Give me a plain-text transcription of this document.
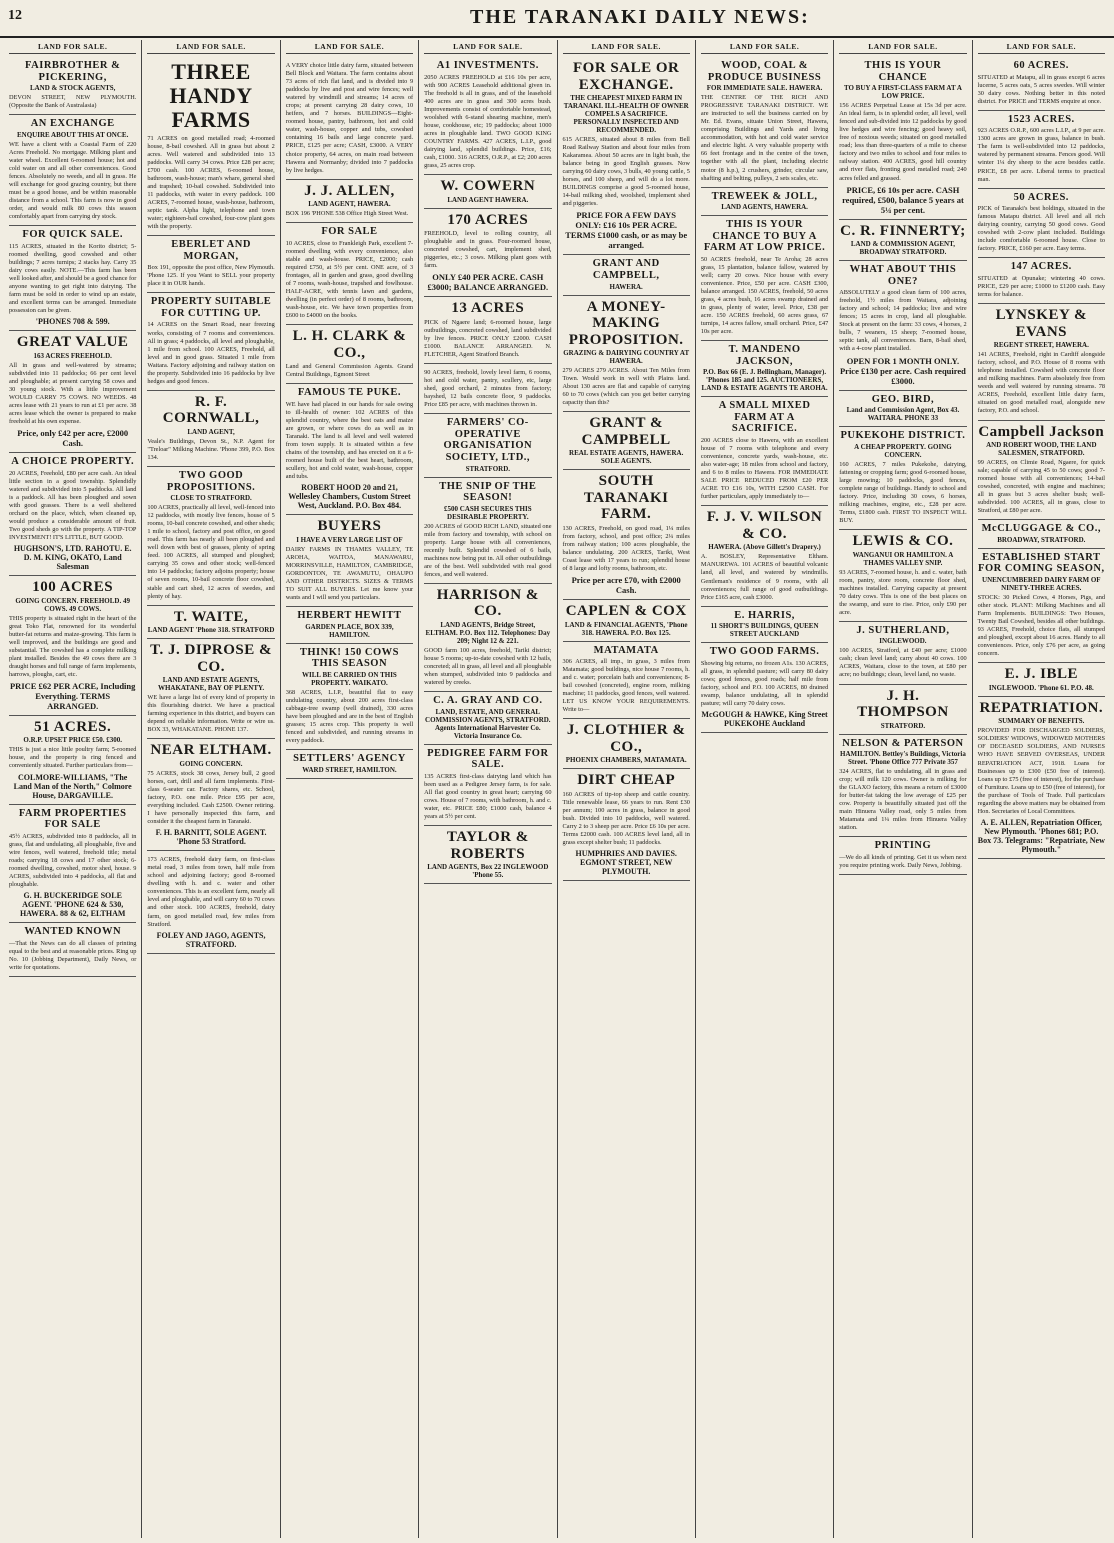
12	THE TARANAKI DAILY NEWS:
LAND FOR SALE.
FAIRBROTHER & PICKERING,
LAND & STOCK AGENTS,
DEVON STREET, NEW PLYMOUTH. (Opposite the Bank of Australasia)
AN EXCHANGE
ENQUIRE ABOUT THIS AT ONCE.
WE have a client with a Coastal Farm of 220 Acres Freehold. No mortgage. Milking plant and water wheel. Excellent 6-roomed house; hot and cold water on and all other conveniences. Good fences. Absolutely no weeds, and all in grass. He will exchange for good grazing country, but there must be a good house, and be within reasonable distance from a school. This farm is now in good order, and would milk 80 cows this season comfortably apart from carrying dry stock.
FOR QUICK SALE.
115 ACRES, situated in the Korito district; 5-roomed dwelling, good cowshed and other buildings; 7 acres turnips; 2 stacks hay. Carry 35 dairy cows easily. NOTE.—This farm has been well looked after, and should be a good chance for anyone wanting to get right into dairying. The farm must be sold in order to wind up an estate, and excellent terms can be arranged. Immediate possession can be given.
'PHONES 708 & 599.
GREAT VALUE
163 ACRES FREEHOLD.
All in grass and well-watered by streams; subdivided into 11 paddocks; 66 per cent level and ploughable; at present carrying 58 cows and 30 young stock. With a little improvement WOULD CARRY 75 COWS. NO WEEDS. 48 acres lease with 21 years to run at £1 per acre. 38 acres lease which the owner is prepared to make freehold at his own expense.
Price, only £42 per acre, £2000 Cash.
A CHOICE PROPERTY.
20 ACRES, Freehold, £80 per acre cash. An ideal little section in a good township. Splendidly watered and subdivided into 5 paddocks. All land is a paddock. All has been ploughed and sown with good grasses. There is a well sheltered orchard on the place, which, when cleaned up, would produce a considerable amount of fruit. Two good sheds go with the property. A TIP-TOP INVESTMENT! IT'S LITTLE, BUT GOOD.
HUGHSON'S, LTD. RAHOTU. E. D. M. KING, OKATO, Land Salesman
100 ACRES
GOING CONCERN. FREEHOLD. 49 COWS. 49 COWS.
THIS property is situated right in the heart of the great Toko Flat, renowned for its wonderful butter-fat returns and maize-growing. This farm is well improved, and the buildings are good and substantial. The cowshed has a complete milking plant installed. Besides the 49 cows there are 3 draught horses and full range of farm implements, harrows, ploughs, cart, etc.
PRICE £62 PER ACRE, Including Everything. TERMS ARRANGED.
51 ACRES.
O.R.P. UPSET PRICE £50. £300.
THIS is just a nice little poultry farm; 5-roomed house, and the property is ring fenced and conveniently situated. Further particulars from—
COLMORE-WILLIAMS, "The Land Man of the North," Colmore House, DARGAVILLE.
FARM PROPERTIES FOR SALE
45½ ACRES, subdivided into 8 paddocks, all in grass, flat and undulating, all ploughable, five and wire fences, well watered, freehold title; metal roads; carrying 18 cows and 17 other stock; 6-roomed dwelling, cowshed, motor shed, house. 9 ACRES, subdivided into 4 paddocks, all flat and ploughable.
G. H. BUCKERIDGE SOLE AGENT. 'PHONE 624 & 530, HAWERA. 88 & 62, ELTHAM
WANTED KNOWN
—That the News can do all classes of printing equal to the best and at reasonable prices. Ring up No. 10 (Jobbing Department), Daily News, or write for quotations.
LAND FOR SALE.
THREE HANDY FARMS
71 ACRES on good metalled road; 4-roomed house, 8-bail cowshed. All in grass but about 2 acres. Well watered and subdivided into 13 paddocks. Will carry 34 cows. Price £28 per acre; £700 cash. 100 ACRES, 6-roomed house, bathroom, wash-house; man's whare, general shed and trapshed; 10-bail cowshed. Subdivided into 11 paddocks, with water in every paddock. 100 ACRES, 7-roomed house, wash-house, bathroom, septic tank. Alpha light, telephone and town water; eighteen-bail cowshed, four-cow plant goes with the property.
EBERLET AND MORGAN,
Box 191, opposite the post office, New Plymouth. 'Phone 125. If you Want to SELL your property place it in OUR hands.
PROPERTY SUITABLE FOR CUTTING UP.
14 ACRES on the Smart Road, near freezing works, consisting of 7 rooms and conveniences. All in grass; 4 paddocks, all level and ploughable, 1 mile from school. 100 ACRES, Freehold, all level and in good grass. Situated 1 mile from Waitara. Factory adjoining and railway station on the property. Subdivided into 16 paddocks by live hedges and good fences.
R. F. CORNWALL,
LAND AGENT,
Veale's Buildings, Devon St., N.P. Agent for "Treloar" Milking Machine. 'Phone 399, P.O. Box 134.
TWO GOOD PROPOSITIONS.
CLOSE TO STRATFORD.
100 ACRES, practically all level, well-fenced into 12 paddocks, with mostly live fences, house of 5 rooms, 10-bail concrete cowshed, and other sheds; 1 mile to school, factory and post office, on good road. This farm has nearly all been ploughed and well down with best of grasses, plenty of spring feed. 100 ACRES, all stumped and ploughed; carrying 35 cows and other stock; well-fenced into 14 paddocks; factory adjoins property; house of seven rooms, 10-bail concrete floor cowshed, stable and cart shed, 12 acres of swedes, and plenty of hay.
T. WAITE,
LAND AGENT 'Phone 318. STRATFORD
T. J. DIPROSE & CO.
LAND AND ESTATE AGENTS, WHAKATANE, BAY OF PLENTY.
WE have a large list of every kind of property in this flourishing district. We have a practical farming experience in this district, and buyers can depend on reliable information. Write or wire us. BOX 33, WHAKATANE. PHONE 137.
NEAR ELTHAM.
GOING CONCERN.
75 ACRES, stock 38 cows, Jersey bull, 2 good horses, cart, drill and all farm implements. First-class 6-seater car. Factory shares, etc. School, factory, P.O. one mile. Price £95 per acre, everything included. Cash £2500. Owner retiring. I have personally inspected this farm, and consider it the cheapest farm in Taranaki.
F. H. BARNITT, SOLE AGENT. 'Phone 53 Stratford.
173 ACRES, freehold dairy farm, on first-class metal road, 3 miles from town, half mile from school and adjoining factory; good 8-roomed dwelling with h. and c. water and other conveniences. This is an excellent farm, nearly all level and ploughable, and will carry 60 to 70 cows and other stock. 100 ACRES, freehold, dairy farm, on good metalled road, few miles from Stratford.
FOLEY AND JAGO, AGENTS, STRATFORD.
LAND FOR SALE.
A VERY choice little dairy farm, situated between Bell Block and Waitara. The farm contains about 73 acres of rich flat land, and is divided into 9 paddocks by live and post and wire fences; well watered by windmill and streams; 14 acres of crops; at present carrying 28 dairy cows, 10 heifers, and 7 horses. BUILDINGS—Eight-roomed house, pantry, bathroom, hot and cold water, wash-house, copper and tubs, cowshed containing 16 bails and large concrete yard. PRICE, £125 per acre; CASH, £3000. A VERY choice property, 64 acres, on main road between Hawera and Normanby; divided into 7 paddocks by live hedges.
J. J. ALLEN,
LAND AGENT, HAWERA.
BOX 196 'PHONE 538 Office High Street West.
FOR SALE
10 ACRES, close to Frankleigh Park, excellent 7-roomed dwelling with every convenience, also stable and wash-house. PRICE, £2000; cash required £750, at 5½ per cent. ONE acre, of 3 frontages, all in garden and grass, good dwelling of 7 rooms, wash-house, trapshed and fowlhouse. HALF-ACRE, with tennis lawn and gardens, dwelling (in perfect order) of 8 rooms, bathroom, wash-house, etc. We have town properties from £600 to £4000 on the books.
L. H. CLARK & CO.,
Land and General Commission Agents. Grand Central Buildings, Egmont Street
FAMOUS TE PUKE.
WE have had placed in our hands for sale owing to ill-health of owner: 102 ACRES of this splendid country, where the best oats and maize are grown, or where cows do as well as in Taranaki. The land is all level and well watered from town supply. It is situated within a few chains of the township, and has erected on it a 6-roomed house built of the best heart, bathroom, scullery, hot and cold water, wash-house, copper and tubs.
ROBERT HOOD 20 and 21, Wellesley Chambers, Custom Street West, Auckland. P.O. Box 484.
BUYERS
I HAVE A VERY LARGE LIST OF
DAIRY FARMS IN THAMES VALLEY, TE AROHA, WAITOA, MANAWARU, MORRINSVILLE, HAMILTON, CAMBRIDGE, GORDONTON, TE AWAMUTU, OHAUPO AND OTHER DISTRICTS. SIZES & TERMS TO SUIT ALL BUYERS. Let me know your wants and I will send you particulars.
HERBERT HEWITT
GARDEN PLACE, BOX 339, HAMILTON.
THINK! 150 COWS THIS SEASON
WILL BE CARRIED ON THIS PROPERTY. WAIKATO.
368 ACRES, L.I.P., beautiful flat to easy undulating country, about 200 acres first-class cabbage-tree swamp (well drained), 330 acres have been ploughed and are in the best of English grasses; 15 acres crop. This property is well fenced and subdivided, and running streams in every paddock.
SETTLERS' AGENCY
WARD STREET, HAMILTON.
LAND FOR SALE.
A1 INVESTMENTS.
2050 ACRES FREEHOLD at £16 10s per acre, with 900 ACRES Leasehold additional given in. The freehold is all in grass, and of the leasehold 400 acres are in grass and 300 acres bush. Improvements consist of comfortable homestead, woolshed with 6-stand shearing machine, men's house, cookhouse, etc; 19 paddocks; about 1000 acres in ploughable land. TWO GOOD KING COUNTRY FARMS. 427 ACRES, L.I.P., good dairying land, splendid buildings. Price, £16; cash, £1000. 316 ACRES, O.R.P., at £2; 200 acres grass, 25 acres crop.
W. COWERN
LAND AGENT HAWERA.
170 ACRES
FREEHOLD, level to rolling country, all ploughable and in grass. Four-roomed house, concreted cowshed, cart, implement shed, piggeries, etc.; 3 cows. Milking plant goes with farm.
ONLY £40 PER ACRE. CASH £3000; BALANCE ARRANGED.
13 ACRES
PICK of Ngaere land; 6-roomed house, large outbuildings, concreted cowshed, land subdivided by live fences. PRICE ONLY £2000. CASH £1000. BALANCE ARRANGED. N. FLETCHER, Agent Stratford Branch.
90 ACRES, freehold, lovely level farm, 6 rooms, hot and cold water, pantry, scullery, etc, large shed, good orchard, 2 minutes from factory; bayshed, 12 bails concrete floor, 9 paddocks. Price £85 per acre, with machines thrown in.
FARMERS' CO-OPERATIVE ORGANISATION SOCIETY, LTD.,
STRATFORD.
THE SNIP OF THE SEASON!
£500 CASH SECURES THIS DESIRABLE PROPERTY.
200 ACRES of GOOD RICH LAND, situated one mile from factory and township, with school on property. Large house with all conveniences, recently built. Splendid cowshed of 6 bails, machines now being put in. All other outbuildings are of the best. Well subdivided with real good fences, and well watered.
HARRISON & CO.
LAND AGENTS, Bridge Street, ELTHAM. P.O. Box 112. Telephones: Day 209; Night 12 & 221.
GOOD farm 100 acres, freehold, Tariki district; house 5 rooms; up-to-date cowshed with 12 bails, concreted; all in grass, all level and all ploughable when stumped, subdivided into 9 paddocks and watered by creeks.
C. A. GRAY AND CO.
LAND, ESTATE, AND GENERAL COMMISSION AGENTS, STRATFORD. Agents International Harvester Co. Victoria Insurance Co.
PEDIGREE FARM FOR SALE.
135 ACRES first-class dairying land which has been used as a Pedigree Jersey farm, is for sale. All flat good country in great heart; carrying 60 cows. House of 7 rooms, with bathroom, h. and c. water, etc. PRICE £80; £1000 cash, balance 4 years at 5½ per cent.
TAYLOR & ROBERTS
LAND AGENTS, Box 22 INGLEWOOD 'Phone 55.
LAND FOR SALE.
FOR SALE OR EXCHANGE.
THE CHEAPEST MIXED FARM IN TARANAKI. ILL-HEALTH OF OWNER COMPELS A SACRIFICE. PERSONALLY INSPECTED AND RECOMMENDED.
615 ACRES, situated about 8 miles from Bell Road Railway Station and about four miles from Kakaramea. About 50 acres are in light bush, the balance being in good English grasses. Now carrying 60 dairy cows, 3 bulls, 40 young cattle, 5 horses, and 100 sheep, and will do a lot more. BUILDINGS comprise a good 5-roomed house, 14-bail milking shed, woolshed, implement shed and piggeries.
PRICE FOR A FEW DAYS ONLY: £16 10s PER ACRE. TERMS £1000 cash, or as may be arranged.
GRANT AND CAMPBELL,
HAWERA.
A MONEY-MAKING PROPOSITION.
GRAZING & DAIRYING COUNTRY AT HAWERA.
279 ACRES 279 ACRES. About Ten Miles from Town. Would work in well with Plains land. About 130 acres are flat and capable of carrying 60 to 70 cows (which can you get better carrying capacity than this?
GRANT & CAMPBELL
REAL ESTATE AGENTS, HAWERA. SOLE AGENTS.
SOUTH TARANAKI FARM.
130 ACRES, Freehold, on good road, 1¼ miles from factory, school, and post office; 2¼ miles from railway station; 100 acres ploughable, the balance undulating. 200 ACRES, Tariki, West Coast lease with 17 years to run; splendid house of 8 large and lofty rooms, bathroom, etc.
Price per acre £70, with £2000 Cash.
CAPLEN & COX
LAND & FINANCIAL AGENTS, 'Phone 318. HAWERA. P.O. Box 125.
MATAMATA
306 ACRES, all imp., in grass, 3 miles from Matamata; good buildings, nice house 7 rooms, h. and c. water; porcelain bath and conveniences; 8-bail cowshed (concreted), engine room, milking machine; 11 paddocks, good fences, well watered. LET US KNOW YOUR REQUIREMENTS. Write to—
J. CLOTHIER & CO.,
PHOENIX CHAMBERS, MATAMATA.
DIRT CHEAP
160 ACRES of tip-top sheep and cattle country. Title renewable lease, 66 years to run. Rent £30 per annum; 100 acres in grass, balance in good bush. Divided into 10 paddocks, well watered. Carry 2 to 3 sheep per acre. Price £6 10s per acre. Terms £2000 cash. 100 ACRES level land, all in grass except shelter bush; 11 paddocks.
HUMPHRIES AND DAVIES. EGMONT STREET, NEW PLYMOUTH.
LAND FOR SALE.
WOOD, COAL & PRODUCE BUSINESS
FOR IMMEDIATE SALE. HAWERA.
THE CENTRE OF THE RICH AND PROGRESSIVE TARANAKI DISTRICT. WE are instructed to sell the business carried on by Mr. Ed. Evans, situate Union Street, Hawera, comprising Buildings and Yards and living accommodation, with hot and cold water service and electric light. A very valuable property with 66 feet frontage and in the centre of the town, together with all the plant, including electric motor (8 h.p.), 2 crushers, grinder, circular saw, shafting and belting, pulleys, 2 sets scales, etc.
TREWEEK & JOLL,
LAND AGENTS, HAWERA.
THIS IS YOUR CHANCE TO BUY A FARM AT LOW PRICE.
50 ACRES freehold, near Te Aroha; 28 acres grass, 15 plantation, balance fallow, watered by well; carry 20 cows. Nice house with every convenience. Price, £50 per acre. CASH £300, balance arranged. 150 ACRES, freehold, 50 acres grass, 4 acres bush, 16 acres swamp drained and in grass, plenty of water, level. Price, £38 per acre. 150 ACRES freehold, 60 acres grass, 67 turnips, 14 acres fallow, small orchard. Price, £47 10s per acre.
T. MANDENO JACKSON,
P.O. Box 66 (E. J. Bellingham, Manager). 'Phones 185 and 125. AUCTIONEERS, LAND & ESTATE AGENTS TE AROHA.
A SMALL MIXED FARM AT A SACRIFICE.
200 ACRES close to Hawera, with an excellent house of 7 rooms with telephone and every convenience, concrete yards, wash-house, etc. also water-age; 18 miles from school and factory, and 6 to 8 miles to Hawera. FOR IMMEDIATE SALE PRICE REDUCED FROM £20 PER ACRE TO £16 10s, WITH £2500 CASH. For further particulars, apply immediately to—
F. J. V. WILSON & CO.
HAWERA. (Above Gillett's Drapery.)
A. BOSLEY, Representative Eltham. MANUREWA. 101 ACRES of beautiful volcanic land, all level, and watered by windmills. Gentleman's residence of 9 rooms, with all conveniences; full range of good outbuildings. Price £165 acre, cash £3000.
E. HARRIS,
11 SHORT'S BUILDINGS, QUEEN STREET AUCKLAND
TWO GOOD FARMS.
Showing big returns, no frozen A1s. 130 ACRES, all grass, in splendid pasture; will carry 80 dairy cows; good fences, good roads; half mile from factory, school and P.O. 100 ACRES, 80 drained swamp, balance undulating, all in splendid pasture; will carry 70 dairy cows.
McGOUGH & HAWKE, King Street PUKEKOHE Auckland
LAND FOR SALE.
THIS IS YOUR CHANCE
TO BUY A FIRST-CLASS FARM AT A LOW PRICE.
156 ACRES Perpetual Lease at 15s 3d per acre. An ideal farm, is in splendid order, all level, well fenced and sub-divided into 12 paddocks by good live hedges and wire fencing; good heavy soil, free of noxious weeds; situated on good metalled road; less than three-quarters of a mile to cheese factory and two miles to school and four miles to railway station. 400 ACRES, good hill country and river flats, fronting good metalled road; 240 acres felled and grassed.
PRICE, £6 10s per acre. CASH required, £500, balance 5 years at 5¼ per cent.
C. R. FINNERTY;
LAND & COMMISSION AGENT, BROADWAY STRATFORD.
WHAT ABOUT THIS ONE?
ABSOLUTELY a good clean farm of 100 acres, freehold, 1½ miles from Waitara, adjoining factory and school; 14 paddocks; live and wire fences; 15 acres in crop, land all ploughable. Stock at present on the farm: 33 cows, 4 horses, 2 bulls, 7 weaners, 15 sheep; 7-roomed house, septic tank, all conveniences. Barn, 8-bail shed, with a 4-cow plant installed.
OPEN FOR 1 MONTH ONLY. Price £130 per acre. Cash required £3000.
GEO. BIRD,
Land and Commission Agent, Box 43. WAITARA. PHONE 33
PUKEKOHE DISTRICT.
A CHEAP PROPERTY. GOING CONCERN.
160 ACRES, 7 miles Pukekohe, dairying, fattening or cropping farm; good 6-roomed house, large mowing; 10 paddocks, good fences, complete range of buildings. Handy to school and factory. Price, including 30 cows, 6 horses, milking machines, engine, etc., £28 per acre. Terms, £1800 cash. FIRST TO INSPECT WILL BUY.
LEWIS & CO.
WANGANUI OR HAMILTON. A THAMES VALLEY SNIP.
93 ACRES, 7-roomed house, h. and c. water, bath room, pantry, store room, concrete floor shed, machines installed. Carrying capacity at present 70 dairy cows. This is one of the best places on the swamp, and sure to rise. Price, only £90 per acre.
J. SUTHERLAND,
INGLEWOOD.
100 ACRES, Stratford, at £40 per acre; £1000 cash; clean level land; carry about 40 cows. 100 ACRES, Waitara, close to the town, at £80 per acre; no buildings; clean, level land, no waste.
J. H. THOMPSON
STRATFORD.
NELSON & PATERSON
HAMILTON. Bettley's Buildings, Victoria Street. 'Phone Office 777 Private 357
324 ACRES, flat to undulating, all in grass and crop; will milk 120 cows. Owner is milking for the GLAXO factory, this means a return of £3000 for butter-fat taking the low average of £25 per cow. Property is beautifully situated just off the main Hinuera Valley road, only 5 miles from Matamata and 1¼ miles from Hinuera Valley station.
PRINTING
—We do all kinds of printing. Get it us when next you require printing work. Daily News, Jobbing.
LAND FOR SALE.
60 ACRES.
SITUATED at Matapu, all in grass except 6 acres lucerne, 5 acres oats, 5 acres swedes. Will winter 30 dairy cows. Nothing better in this noted district. For PRICE and TERMS enquire at once.
1523 ACRES.
923 ACRES O.R.P., 600 acres L.I.P., at 9 per acre. 1300 acres are grown in grass, balance in bush. The farm is well-subdivided into 12 paddocks, watered by permanent streams. Fences good. Will winter 1¼ dry sheep to the acre besides cattle. PRICE, £8 per acre. Liberal terms to practical man.
50 ACRES.
PICK of Taranaki's best holdings, situated in the famous Matapu district. All level and all rich dairying country, carrying 50 good cows. Good cowshed with 2-cow plant included. Buildings include comfortable 6-roomed house. Close to factory. PRICE, £160 per acre. Easy terms.
147 ACRES.
SITUATED at Opunake; wintering 40 cows. PRICE, £29 per acre; £1000 to £1200 cash. Easy terms for balance.
LYNSKEY & EVANS
REGENT STREET, HAWERA.
141 ACRES, Freehold, right in Cardiff alongside factory, school, and P.O. House of 8 rooms with telephone installed. Cowshed with concrete floor and milking machines. Farm absolutely free from weeds and well watered by running streams. 78 ACRES, Freehold, excellent little dairy farm, situated on good metalled road, alongside new factory, P.O. and school.
Campbell Jackson
AND ROBERT WOOD, THE LAND SALESMEN, STRATFORD.
99 ACRES, on Climie Road, Ngaere, for quick sale; capable of carrying 45 to 50 cows; good 7-roomed house with all conveniences; 14-bail cowshed, concreted, with engine and machines; all in grass but 3 acres shelter bush; well-subdivided. 100 ACRES, all in grass, close to Stratford, at £80 per acre.
McCLUGGAGE & CO.,
BROADWAY, STRATFORD.
ESTABLISHED START FOR COMING SEASON,
UNENCUMBERED DAIRY FARM OF NINETY-THREE ACRES.
STOCK: 30 Picked Cows, 4 Horses, Pigs, and other stock. PLANT: Milking Machines and all Farm Implements. BUILDINGS: Two Houses, Twenty Bail Cowshed, besides all other buildings. 93 ACRES, Freehold, choice flats, all stumped and ploughed, except about 16 acres. Handy to all conveniences. Price, only £76 per acre, as going concern.
E. J. IBLE
INGLEWOOD. 'Phone 61. P.O. 48.
REPATRIATION.
SUMMARY OF BENEFITS.
PROVIDED FOR DISCHARGED SOLDIERS, SOLDIERS' WIDOWS, WIDOWED MOTHERS OF DECEASED SOLDIERS, AND NURSES WHO HAVE SERVED OVERSEAS, UNDER REPATRIATION ACT, 1918. Loans for Businesses up to £300 (£50 free of interest). Loans up to £75 (free of interest), for the purchase of Furniture. Loans up to £50 (free of interest), for the purchase of Tools of Trade. Full particulars regarding the above matters may be obtained from Hon. Secretaries of Local Committees.
A. E. ALLEN, Repatriation Officer, New Plymouth. 'Phones 681; P.O. Box 73. Telegrams: "Repatriate, New Plymouth."
